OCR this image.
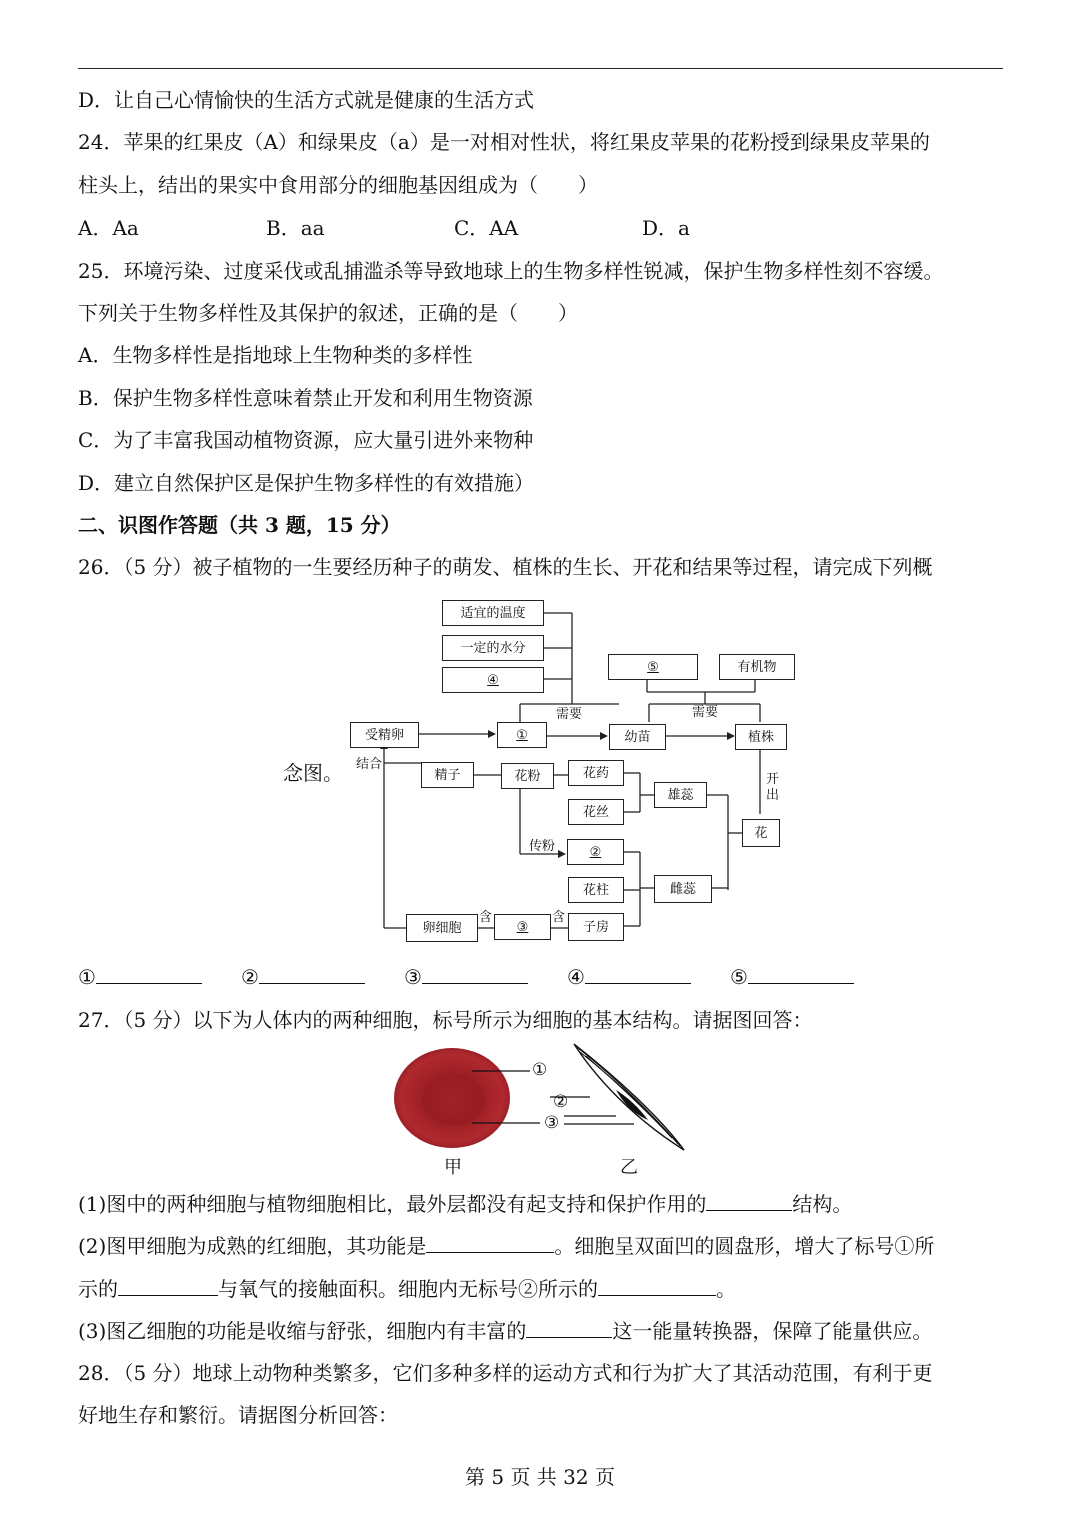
D．让自己心情愉快的生活方式就是健康的生活方式
24．苹果的红果皮（A）和绿果皮（a）是一对相对性状，将红果皮苹果的花粉授到绿果皮苹果的
柱头上，结出的果实中食用部分的细胞基因组成为（　　）
A．Aa	B．aa	C．AA	D．a
25．环境污染、过度采伐或乱捕滥杀等导致地球上的生物多样性锐减，保护生物多样性刻不容缓。
下列关于生物多样性及其保护的叙述，正确的是（　　）
A．生物多样性是指地球上生物种类的多样性
B．保护生物多样性意味着禁止开发和利用生物资源
C．为了丰富我国动植物资源，应大量引进外来物种
D．建立自然保护区是保护生物多样性的有效措施）
二、识图作答题（共 3 题，15 分）
26．（5 分）被子植物的一生要经历种子的萌发、植株的生长、开花和结果等过程，请完成下列概
念图。
适宜的温度
一定的水分
④
⑤	有机物
需要	需要
受精卵	①	幼苗	植株
开出
结合
精子	花粉	花药
花丝
雄蕊
花
传粉	②
花柱	雌蕊
卵细胞
含
③
含
子房
①	②	③	④	⑤
27．（5 分）以下为人体内的两种细胞，标号所示为细胞的基本结构。请据图回答：
①
②
③
甲	乙
(1)图中的两种细胞与植物细胞相比，最外层都没有起支持和保护作用的	结构。
(2)图甲细胞为成熟的红细胞，其功能是	。细胞呈双面凹的圆盘形，增大了标号①所
示的	与氧气的接触面积。细胞内无标号②所示的	。
(3)图乙细胞的功能是收缩与舒张，细胞内有丰富的	这一能量转换器，保障了能量供应。
28．（5 分）地球上动物种类繁多，它们多种多样的运动方式和行为扩大了其活动范围，有利于更
好地生存和繁衍。请据图分析回答：
第 5 页 共 32 页
